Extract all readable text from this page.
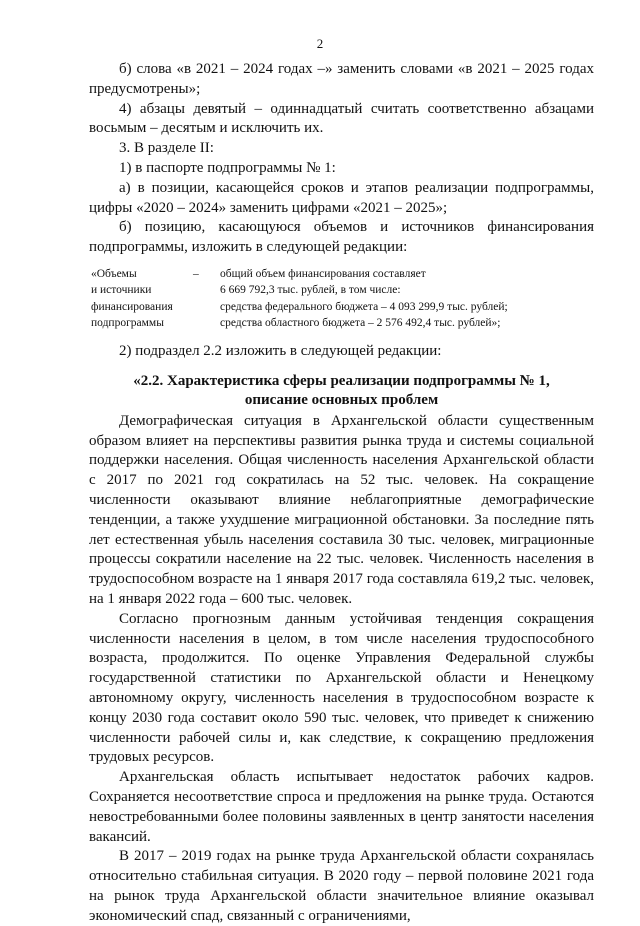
2

б) слова «в 2021 – 2024 годах –» заменить словами «в 2021 – 2025 годах предусмотрены»;

4) абзацы девятый – одиннадцатый считать соответственно абзацами восьмым – десятым и исключить их.

3. В разделе II:

1) в паспорте подпрограммы № 1:

а) в позиции, касающейся сроков и этапов реализации подпрограммы, цифры «2020 – 2024» заменить цифрами «2021 – 2025»;

б) позицию, касающуюся объемов и источников финансирования подпрограммы, изложить в следующей редакции:

«Объемы
и источники
финансирования
подпрограммы
–	общий объем финансирования составляет
6 669 792,3 тыс. рублей, в том числе:
средства федерального бюджета – 4 093 299,9 тыс. рублей;
средства областного бюджета – 2 576 492,4 тыс. рублей»;

2) подраздел 2.2 изложить в следующей редакции:

«2.2. Характеристика сферы реализации подпрограммы № 1,
описание основных проблем

Демографическая ситуация в Архангельской области существенным образом влияет на перспективы развития рынка труда и системы социальной поддержки населения. Общая численность населения Архангельской области с 2017 по 2021 год сократилась на 52 тыс. человек. На сокращение численности оказывают влияние неблагоприятные демографические тенденции, а также ухудшение миграционной обстановки. За последние пять лет естественная убыль населения составила 30 тыс. человек, миграционные процессы сократили население на 22 тыс. человек. Численность населения в трудоспособном возрасте на 1 января 2017 года составляла 619,2 тыс. человек, на 1 января 2022 года – 600 тыс. человек.

Согласно прогнозным данным устойчивая тенденция сокращения численности населения в целом, в том числе населения трудоспособного возраста, продолжится. По оценке Управления Федеральной службы государственной статистики по Архангельской области и Ненецкому автономному округу, численность населения в трудоспособном возрасте к концу 2030 года составит около 590 тыс. человек, что приведет к снижению численности рабочей силы и, как следствие, к сокращению предложения трудовых ресурсов.

Архангельская область испытывает недостаток рабочих кадров. Сохраняется несоответствие спроса и предложения на рынке труда. Остаются невостребованными более половины заявленных в центр занятости населения вакансий.

В 2017 – 2019 годах на рынке труда Архангельской области сохранялась относительно стабильная ситуация. В 2020 году – первой половине 2021 года на рынок труда Архангельской области значительное влияние оказывал экономический спад, связанный с ограничениями,
